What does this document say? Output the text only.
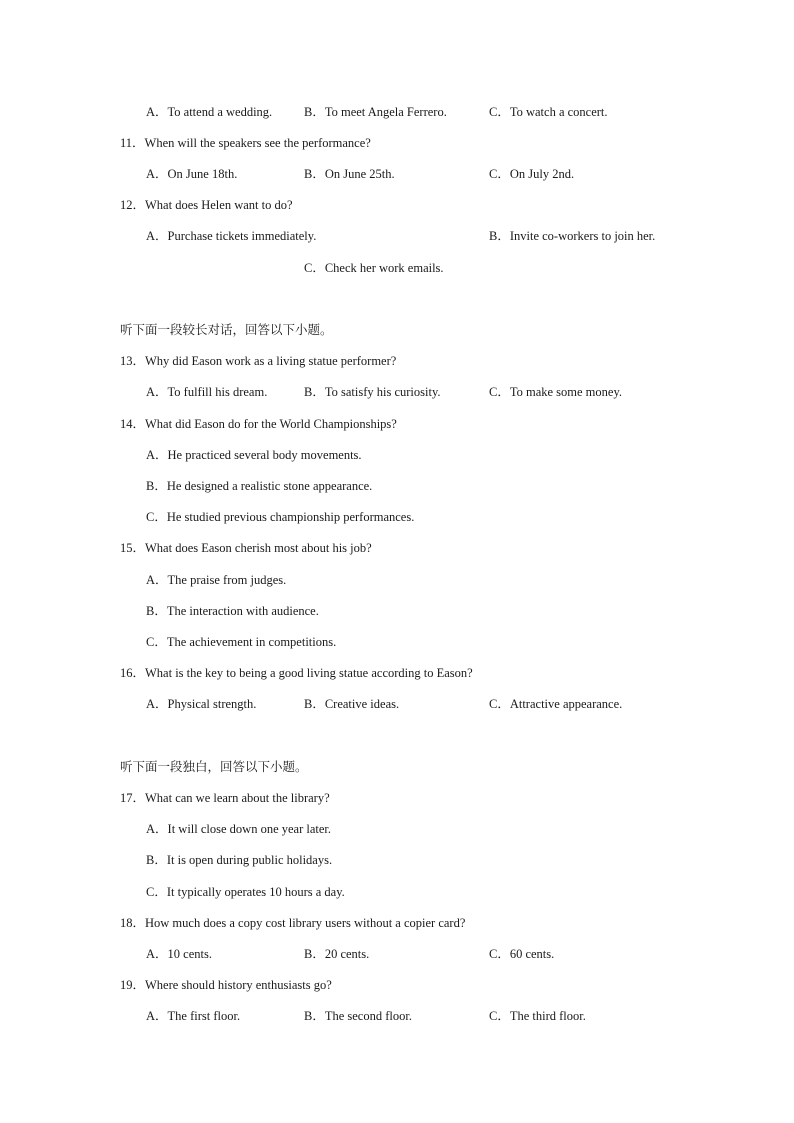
A．To attend a wedding.	B．To meet Angela Ferrero.	C．To watch a concert.
11．When will the speakers see the performance?
A．On June 18th.	B．On June 25th.	C．On July 2nd.
12．What does Helen want to do?
A．Purchase tickets immediately.	B．Invite co-workers to join her.
C．Check her work emails.
听下面一段较长对话，回答以下小题。
13．Why did Eason work as a living statue performer?
A．To fulfill his dream.	B．To satisfy his curiosity.	C．To make some money.
14．What did Eason do for the World Championships?
A．He practiced several body movements.
B．He designed a realistic stone appearance.
C．He studied previous championship performances.
15．What does Eason cherish most about his job?
A．The praise from judges.
B．The interaction with audience.
C．The achievement in competitions.
16．What is the key to being a good living statue according to Eason?
A．Physical strength.	B．Creative ideas.	C．Attractive appearance.
听下面一段独白，回答以下小题。
17．What can we learn about the library?
A．It will close down one year later.
B．It is open during public holidays.
C．It typically operates 10 hours a day.
18．How much does a copy cost library users without a copier card?
A．10 cents.	B．20 cents.	C．60 cents.
19．Where should history enthusiasts go?
A．The first floor.	B．The second floor.	C．The third floor.
